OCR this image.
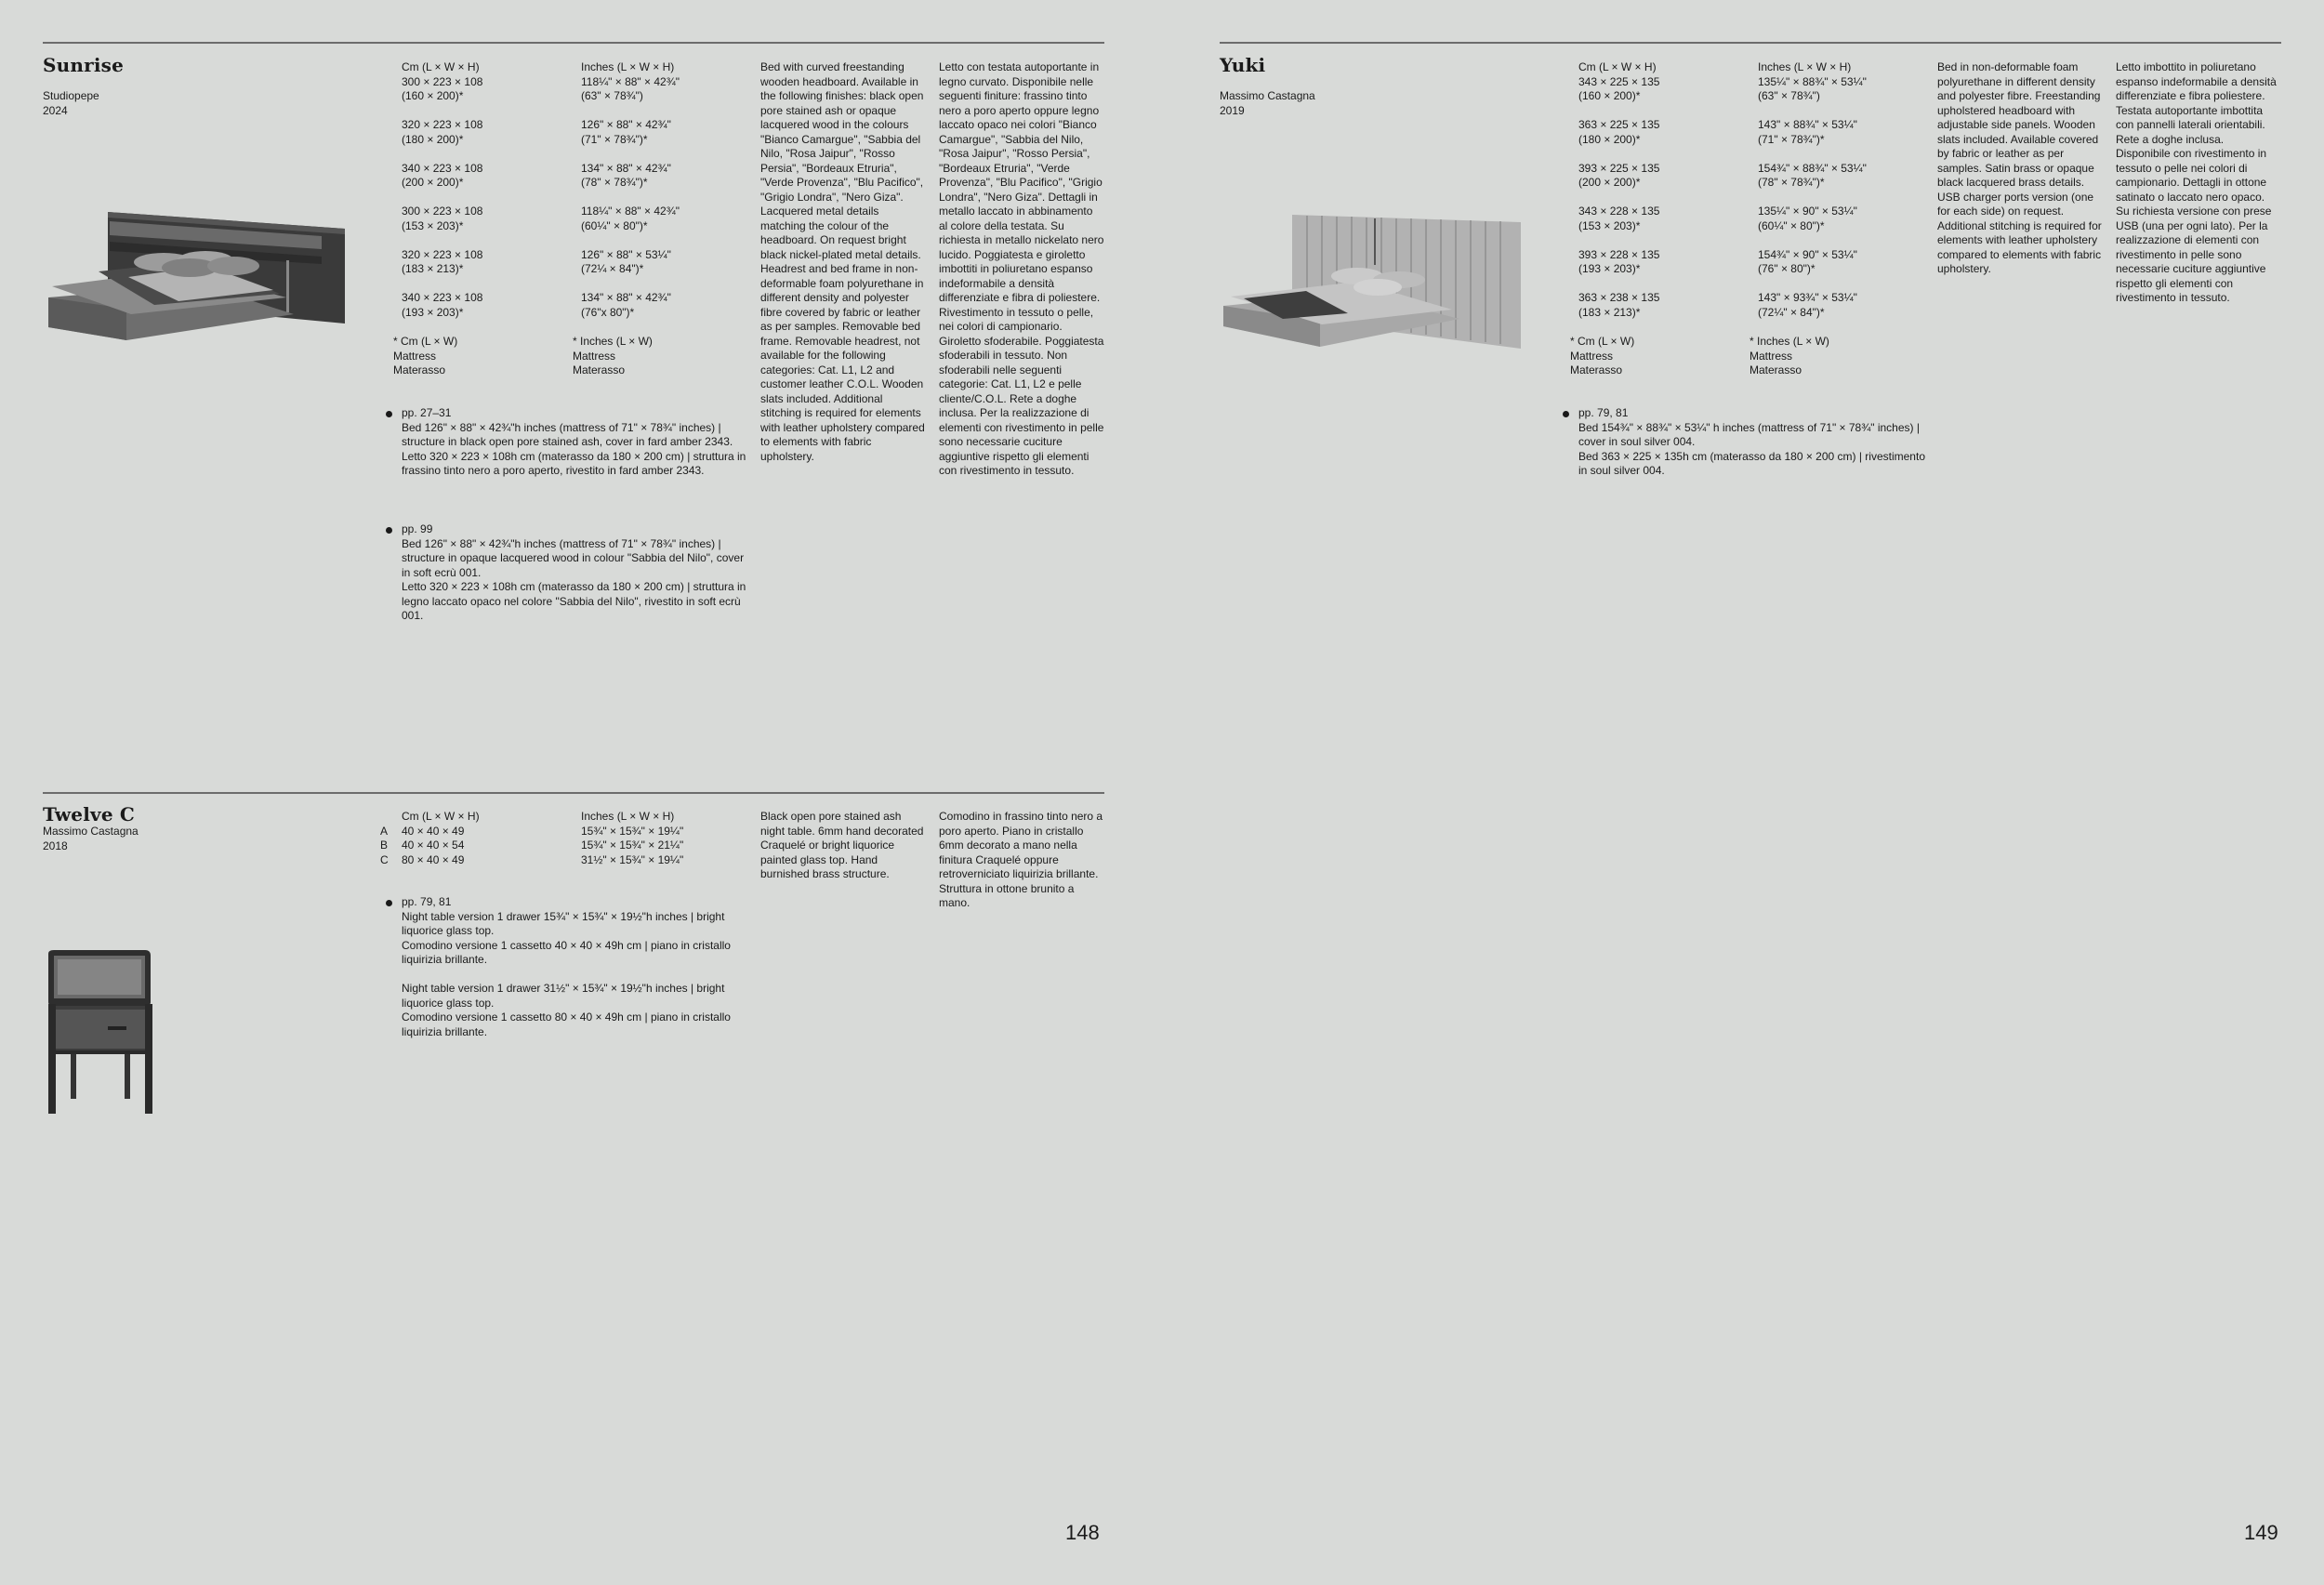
Sunrise
Studiopepe
2024
Cm (L × W × H)
300 × 223 × 108
(160 × 200)*

320 × 223 × 108
(180 × 200)*

340 × 223 × 108
(200 × 200)*

300 × 223 × 108
(153 × 203)*

320 × 223 × 108
(183 × 213)*

340 × 223 × 108
(193 × 203)*
Inches (L × W × H)
118¼" × 88" × 42¾"
(63" × 78¾")

126" × 88" × 42¾"
(71" × 78¾")*

134" × 88" × 42¾"
(78" × 78¾")*

118¼" × 88" × 42¾"
(60¼" × 80")*

126" × 88" × 53¼"
(72¼ × 84")*

134" × 88" × 42¾"
(76"x 80")*
* Cm (L × W)
Mattress
Materasso
* Inches (L × W)
Mattress
Materasso

pp. 27–31

Bed 126" × 88" × 42¾"h inches (mattress of 71" × 78¾" inches) | structure in black open pore stained ash, cover in fard amber 2343.

Letto 320 × 223 × 108h cm (materasso da 180 × 200 cm) | struttura in frassino tinto nero a poro aperto, rivestito in fard amber 2343.

pp. 99

Bed 126" × 88" × 42¾"h inches (mattress of 71" × 78¾" inches) | structure in opaque lacquered wood in colour "Sabbia del Nilo", cover in soft ecrù 001.

Letto 320 × 223 × 108h cm (materasso da 180 × 200 cm) | struttura in legno laccato opaco nel colore "Sabbia del Nilo", rivestito in soft ecrù 001.

Bed with curved freestanding wooden headboard. Available in the following finishes: black open pore stained ash or opaque lacquered wood in the colours "Bianco Camargue", "Sabbia del Nilo, "Rosa Jaipur", "Rosso Persia", "Bordeaux Etruria", "Verde Provenza", "Blu Pacifico", "Grigio Londra", "Nero Giza". Lacquered metal details matching the colour of the headboard. On request bright black nickel-plated metal details. Headrest and bed frame in non-deformable foam polyurethane in different density and polyester fibre covered by fabric or leather as per samples. Removable bed frame. Removable headrest, not available for the following categories: Cat. L1, L2 and customer leather C.O.L. Wooden slats included. Additional stitching is required for elements with leather upholstery compared to elements with fabric upholstery.

Letto con testata autoportante in legno curvato. Disponibile nelle seguenti finiture: frassino tinto nero a poro aperto oppure legno laccato opaco nei colori "Bianco Camargue", "Sabbia del Nilo, "Rosa Jaipur", "Rosso Persia", "Bordeaux Etruria", "Verde Provenza", "Blu Pacifico", "Grigio Londra", "Nero Giza". Dettagli in metallo laccato in abbinamento al colore della testata. Su richiesta in metallo nickelato nero lucido. Poggiatesta e giroletto imbottiti in poliuretano espanso indeformabile a densità differenziate e fibra di poliestere. Rivestimento in tessuto o pelle, nei colori di campionario. Giroletto sfoderabile. Poggiatesta sfoderabili in tessuto. Non sfoderabili nelle seguenti categorie: Cat. L1, L2 e pelle cliente/C.O.L. Rete a doghe inclusa. Per la realizzazione di elementi con rivestimento in pelle sono necessarie cuciture aggiuntive rispetto gli elementi con rivestimento in tessuto.

Twelve C
Massimo Castagna
2018

A
B
C
Cm (L × W × H)
40 × 40 × 49
40 × 40 × 54
80 × 40 × 49
Inches (L × W × H)
15¾" × 15¾" × 19¼"
15¾" × 15¾" × 21¼"
31½" × 15¾" × 19¼"

pp. 79, 81

Night table version 1 drawer 15¾" × 15¾" × 19½"h inches | bright liquorice glass top.

Comodino versione 1 cassetto 40 × 40 × 49h cm | piano in cristallo liquirizia brillante.

Night table version 1 drawer 31½" × 15¾" × 19½"h inches | bright liquorice glass top.

Comodino versione 1 cassetto 80 × 40 × 49h cm | piano in cristallo liquirizia brillante.

Black open pore stained ash night table. 6mm hand decorated Craquelé or bright liquorice painted glass top. Hand burnished brass structure.

Comodino in frassino tinto nero a poro aperto. Piano in cristallo 6mm decorato a mano nella finitura Craquelé oppure retroverniciato liquirizia brillante. Struttura in ottone brunito a mano.

Yuki
Massimo Castagna
2019
Cm (L × W × H)
343 × 225 × 135
(160 × 200)*

363 × 225 × 135
(180 × 200)*

393 × 225 × 135
(200 × 200)*

343 × 228 × 135
(153 × 203)*

393 × 228 × 135
(193 × 203)*

363 × 238 × 135
(183 × 213)*
Inches (L × W × H)
135¼" × 88¾" × 53¼"
(63" × 78¾")

143" × 88¾" × 53¼"
(71" × 78¾")*

154¾" × 88¾" × 53¼"
(78" × 78¾")*

135¼" × 90" × 53¼"
(60¼" × 80")*

154¾" × 90" × 53¼"
(76" × 80")*

143" × 93¾" × 53¼"
(72¼" × 84")*
* Cm (L × W)
Mattress
Materasso
* Inches (L × W)
Mattress
Materasso

pp. 79, 81

Bed 154¾" × 88¾" × 53¼" h inches (mattress of 71" × 78¾" inches) | cover in soul silver 004.

Bed 363 × 225 × 135h cm (materasso da 180 × 200 cm) | rivestimento in soul silver 004.

Bed in non-deformable foam polyurethane in different density and polyester fibre. Freestanding upholstered headboard with adjustable side panels. Wooden slats included. Available covered by fabric or leather as per samples. Satin brass or opaque black lacquered brass details. USB charger ports version (one for each side) on request. Additional stitching is required for elements with leather upholstery compared to elements with fabric upholstery.

Letto imbottito in poliuretano espanso indeformabile a densità differenziate e fibra poliestere. Testata autoportante imbottita con pannelli laterali orientabili. Rete a doghe inclusa. Disponibile con rivestimento in tessuto o pelle nei colori di campionario. Dettagli in ottone satinato o laccato nero opaco. Su richiesta versione con prese USB (una per ogni lato). Per la realizzazione di elementi con rivestimento in pelle sono necessarie cuciture aggiuntive rispetto gli elementi con rivestimento in tessuto.

148	149
